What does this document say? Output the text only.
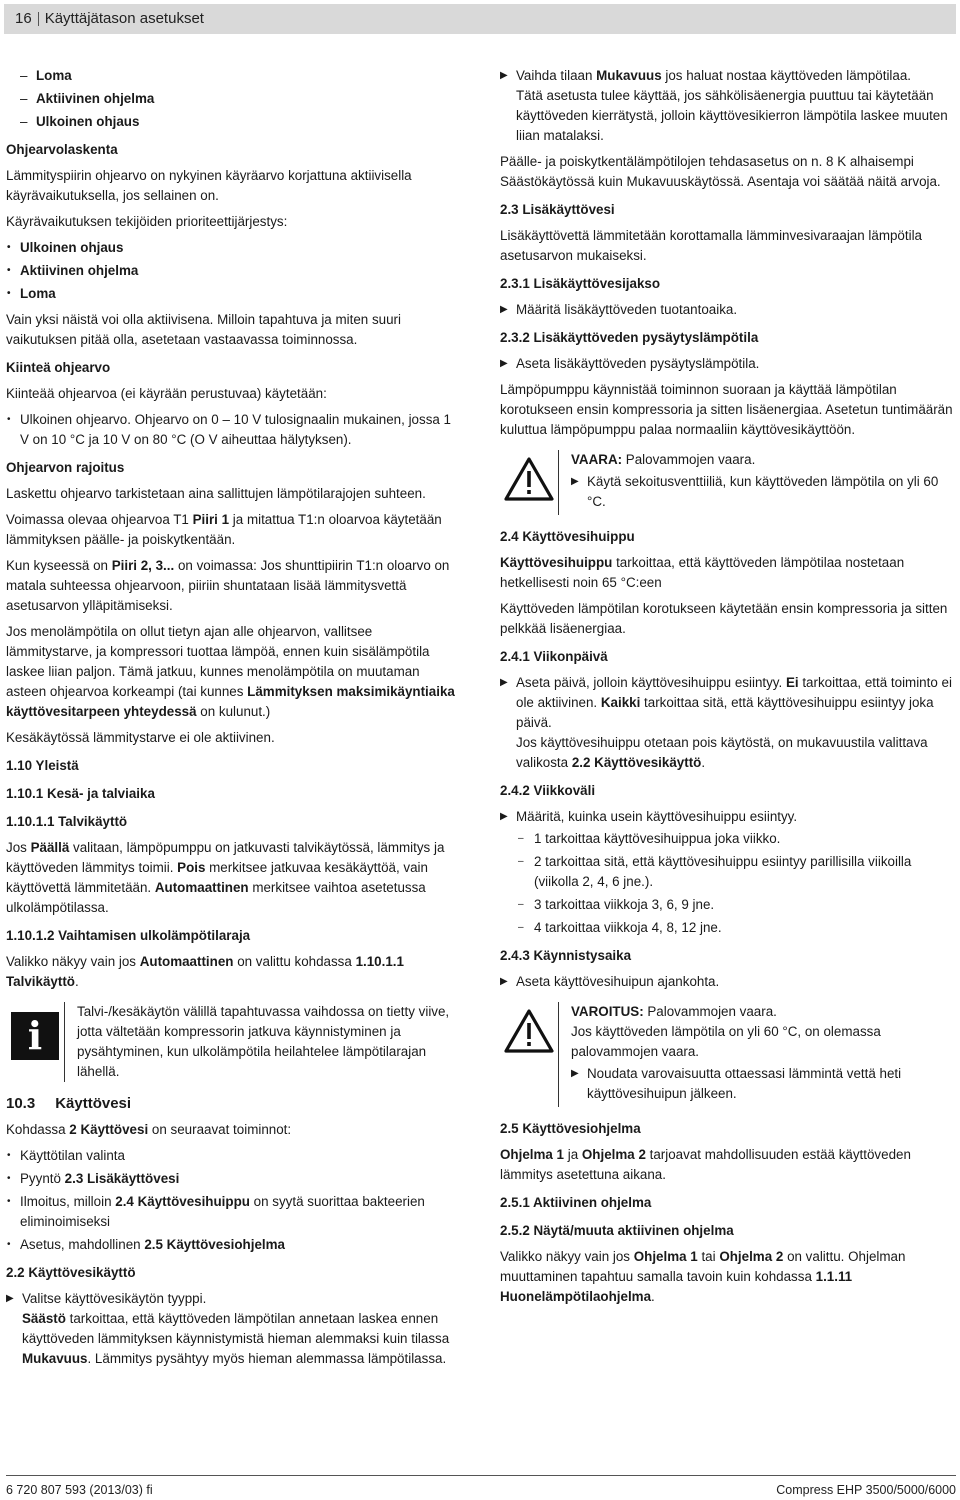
16 Käyttäjätason asetukset
– Loma
– Aktiivinen ohjelma
– Ulkoinen ohjaus
Ohjearvolaskenta

Lämmityspiirin ohjearvo on nykyinen käyräarvo korjattuna aktiivisella käyrävaikutuksella, jos sellainen on.

Käyrävaikutuksen tekijöiden prioriteettijärjestys:

• Ulkoinen ohjaus
• Aktiivinen ohjelma
• Loma

Vain yksi näistä voi olla aktiivisena. Milloin tapahtuva ja miten suuri vaikutuksen pitää olla, asetetaan vastaavassa toiminnossa.

Kiinteä ohjearvo

Kiinteää ohjearvoa (ei käyrään perustuvaa) käytetään:

• Ulkoinen ohjearvo. Ohjearvo on 0 – 10 V tulosignaalin mukainen, jossa 1 V on 10 °C ja 10 V on 80 °C (O V aiheuttaa hälytyksen).
Ohjearvon rajoitus

Laskettu ohjearvo tarkistetaan aina sallittujen lämpötilarajojen suhteen.

Voimassa olevaa ohjearvoa T1 Piiri 1 ja mitattua T1:n oloarvoa käytetään lämmityksen päälle- ja poiskytkentään.

Kun kyseessä on Piiri 2, 3... on voimassa: Jos shunttipiirin T1:n oloarvo on matala suhteessa ohjearvoon, piiriin shuntataan lisää lämmitysvettä asetusarvon ylläpitämiseksi.

Jos menolämpötila on ollut tietyn ajan alle ohjearvon, vallitsee lämmitystarve, ja kompressori tuottaa lämpöä, ennen kuin sisälämpötila laskee liian paljon. Tämä jatkuu, kunnes menolämpötila on muutaman asteen ohjearvoa korkeampi (tai kunnes Lämmityksen maksimikäyntiaika käyttövesitarpeen yhteydessä on kulunut.)

Kesäkäytössä lämmitystarve ei ole aktiivinen.

1.10 Yleistä
1.10.1 Kesä- ja talviaika
1.10.1.1 Talvikäyttö

Jos Päällä valitaan, lämpöpumppu on jatkuvasti talvikäytössä, lämmitys ja käyttöveden lämmitys toimii. Pois merkitsee jatkuvaa kesäkäyttöä, vain käyttövettä lämmitetään. Automaattinen merkitsee vaihtoa asetetussa ulkolämpötilassa.

1.10.1.2 Vaihtamisen ulkolämpötilaraja

Valikko näkyy vain jos Automaattinen on valittu kohdassa 1.10.1.1 Talvikäyttö.

i
Talvi-/kesäkäytön välillä tapahtuvassa vaihdossa on tietty viive, jotta vältetään kompressorin jatkuva käynnistyminen ja pysähtyminen, kun ulkolämpötila heilahtelee lämpötilarajan lähellä.
10.3 Käyttövesi

Kohdassa 2 Käyttövesi on seuraavat toiminnot:

• Käyttötilan valinta
• Pyyntö 2.3 Lisäkäyttövesi
• Ilmoitus, milloin 2.4 Käyttövesihuippu on syytä suorittaa bakteerien eliminoimiseksi
• Asetus, mahdollinen 2.5 Käyttövesiohjelma
2.2 Käyttövesikäyttö
▶ Valitse käyttövesikäytön tyyppi.
Säästö tarkoittaa, että käyttöveden lämpötilan annetaan laskea ennen käyttöveden lämmityksen käynnistymistä hieman alemmaksi kuin tilassa Mukavuus. Lämmitys pysähtyy myös hieman alemmassa lämpötilassa.
▶ Vaihda tilaan Mukavuus jos haluat nostaa käyttöveden lämpötilaa.
Tätä asetusta tulee käyttää, jos sähkölisäenergia puuttuu tai käytetään käyttöveden kierrätystä, jolloin käyttövesikierron lämpötila laskee muuten liian matalaksi.

Päälle- ja poiskytkentälämpötilojen tehdasasetus on n. 8 K alhaisempi Säästökäytössä kuin Mukavuuskäytössä. Asentaja voi säätää näitä arvoja.

2.3 Lisäkäyttövesi

Lisäkäyttövettä lämmitetään korottamalla lämminvesivaraajan lämpötila asetusarvon mukaiseksi.

2.3.1 Lisäkäyttövesijakso
▶ Määritä lisäkäyttöveden tuotantoaika.
2.3.2 Lisäkäyttöveden pysäytyslämpötila
▶ Aseta lisäkäyttöveden pysäytyslämpötila.

Lämpöpumppu käynnistää toiminnon suoraan ja käyttää lämpötilan korotukseen ensin kompressoria ja sitten lisäenergiaa. Asetetun tuntimäärän kuluttua lämpöpumppu palaa normaaliin käyttövesikäyttöön.

VAARA: Palovammojen vaara.
▶ Käytä sekoitusventtiiliä, kun käyttöveden lämpötila on yli 60 °C.
2.4 Käyttövesihuippu

Käyttövesihuippu tarkoittaa, että käyttöveden lämpötilaa nostetaan hetkellisesti noin 65 °C:een

Käyttöveden lämpötilan korotukseen käytetään ensin kompressoria ja sitten pelkkää lisäenergiaa.

2.4.1 Viikonpäivä
▶ Aseta päivä, jolloin käyttövesihuippu esiintyy. Ei tarkoittaa, että toiminto ei ole aktiivinen. Kaikki tarkoittaa sitä, että käyttövesihuippu esiintyy joka päivä.
Jos käyttövesihuippu otetaan pois käytöstä, on mukavuustila valittava valikosta 2.2 Käyttövesikäyttö.
2.4.2 Viikkoväli
▶ Määritä, kuinka usein käyttövesihuippu esiintyy.
– 1 tarkoittaa käyttövesihuippua joka viikko.
– 2 tarkoittaa sitä, että käyttövesihuippu esiintyy parillisilla viikoilla (viikolla 2, 4, 6 jne.).
– 3 tarkoittaa viikkoja 3, 6, 9 jne.
– 4 tarkoittaa viikkoja 4, 8, 12 jne.
2.4.3 Käynnistysaika
▶ Aseta käyttövesihuipun ajankohta.
VAROITUS: Palovammojen vaara.
Jos käyttöveden lämpötila on yli 60 °C, on olemassa palovammojen vaara.
▶ Noudata varovaisuutta ottaessasi lämmintä vettä heti käyttövesihuipun jälkeen.
2.5 Käyttövesiohjelma

Ohjelma 1 ja Ohjelma 2 tarjoavat mahdollisuuden estää käyttöveden lämmitys asetettuna aikana.

2.5.1 Aktiivinen ohjelma
2.5.2 Näytä/muuta aktiivinen ohjelma

Valikko näkyy vain jos Ohjelma 1 tai Ohjelma 2 on valittu. Ohjelman muuttaminen tapahtuu samalla tavoin kuin kohdassa 1.1.11 Huonelämpötilaohjelma.

6 720 807 593 (2013/03) fi	Compress EHP 3500/5000/6000
